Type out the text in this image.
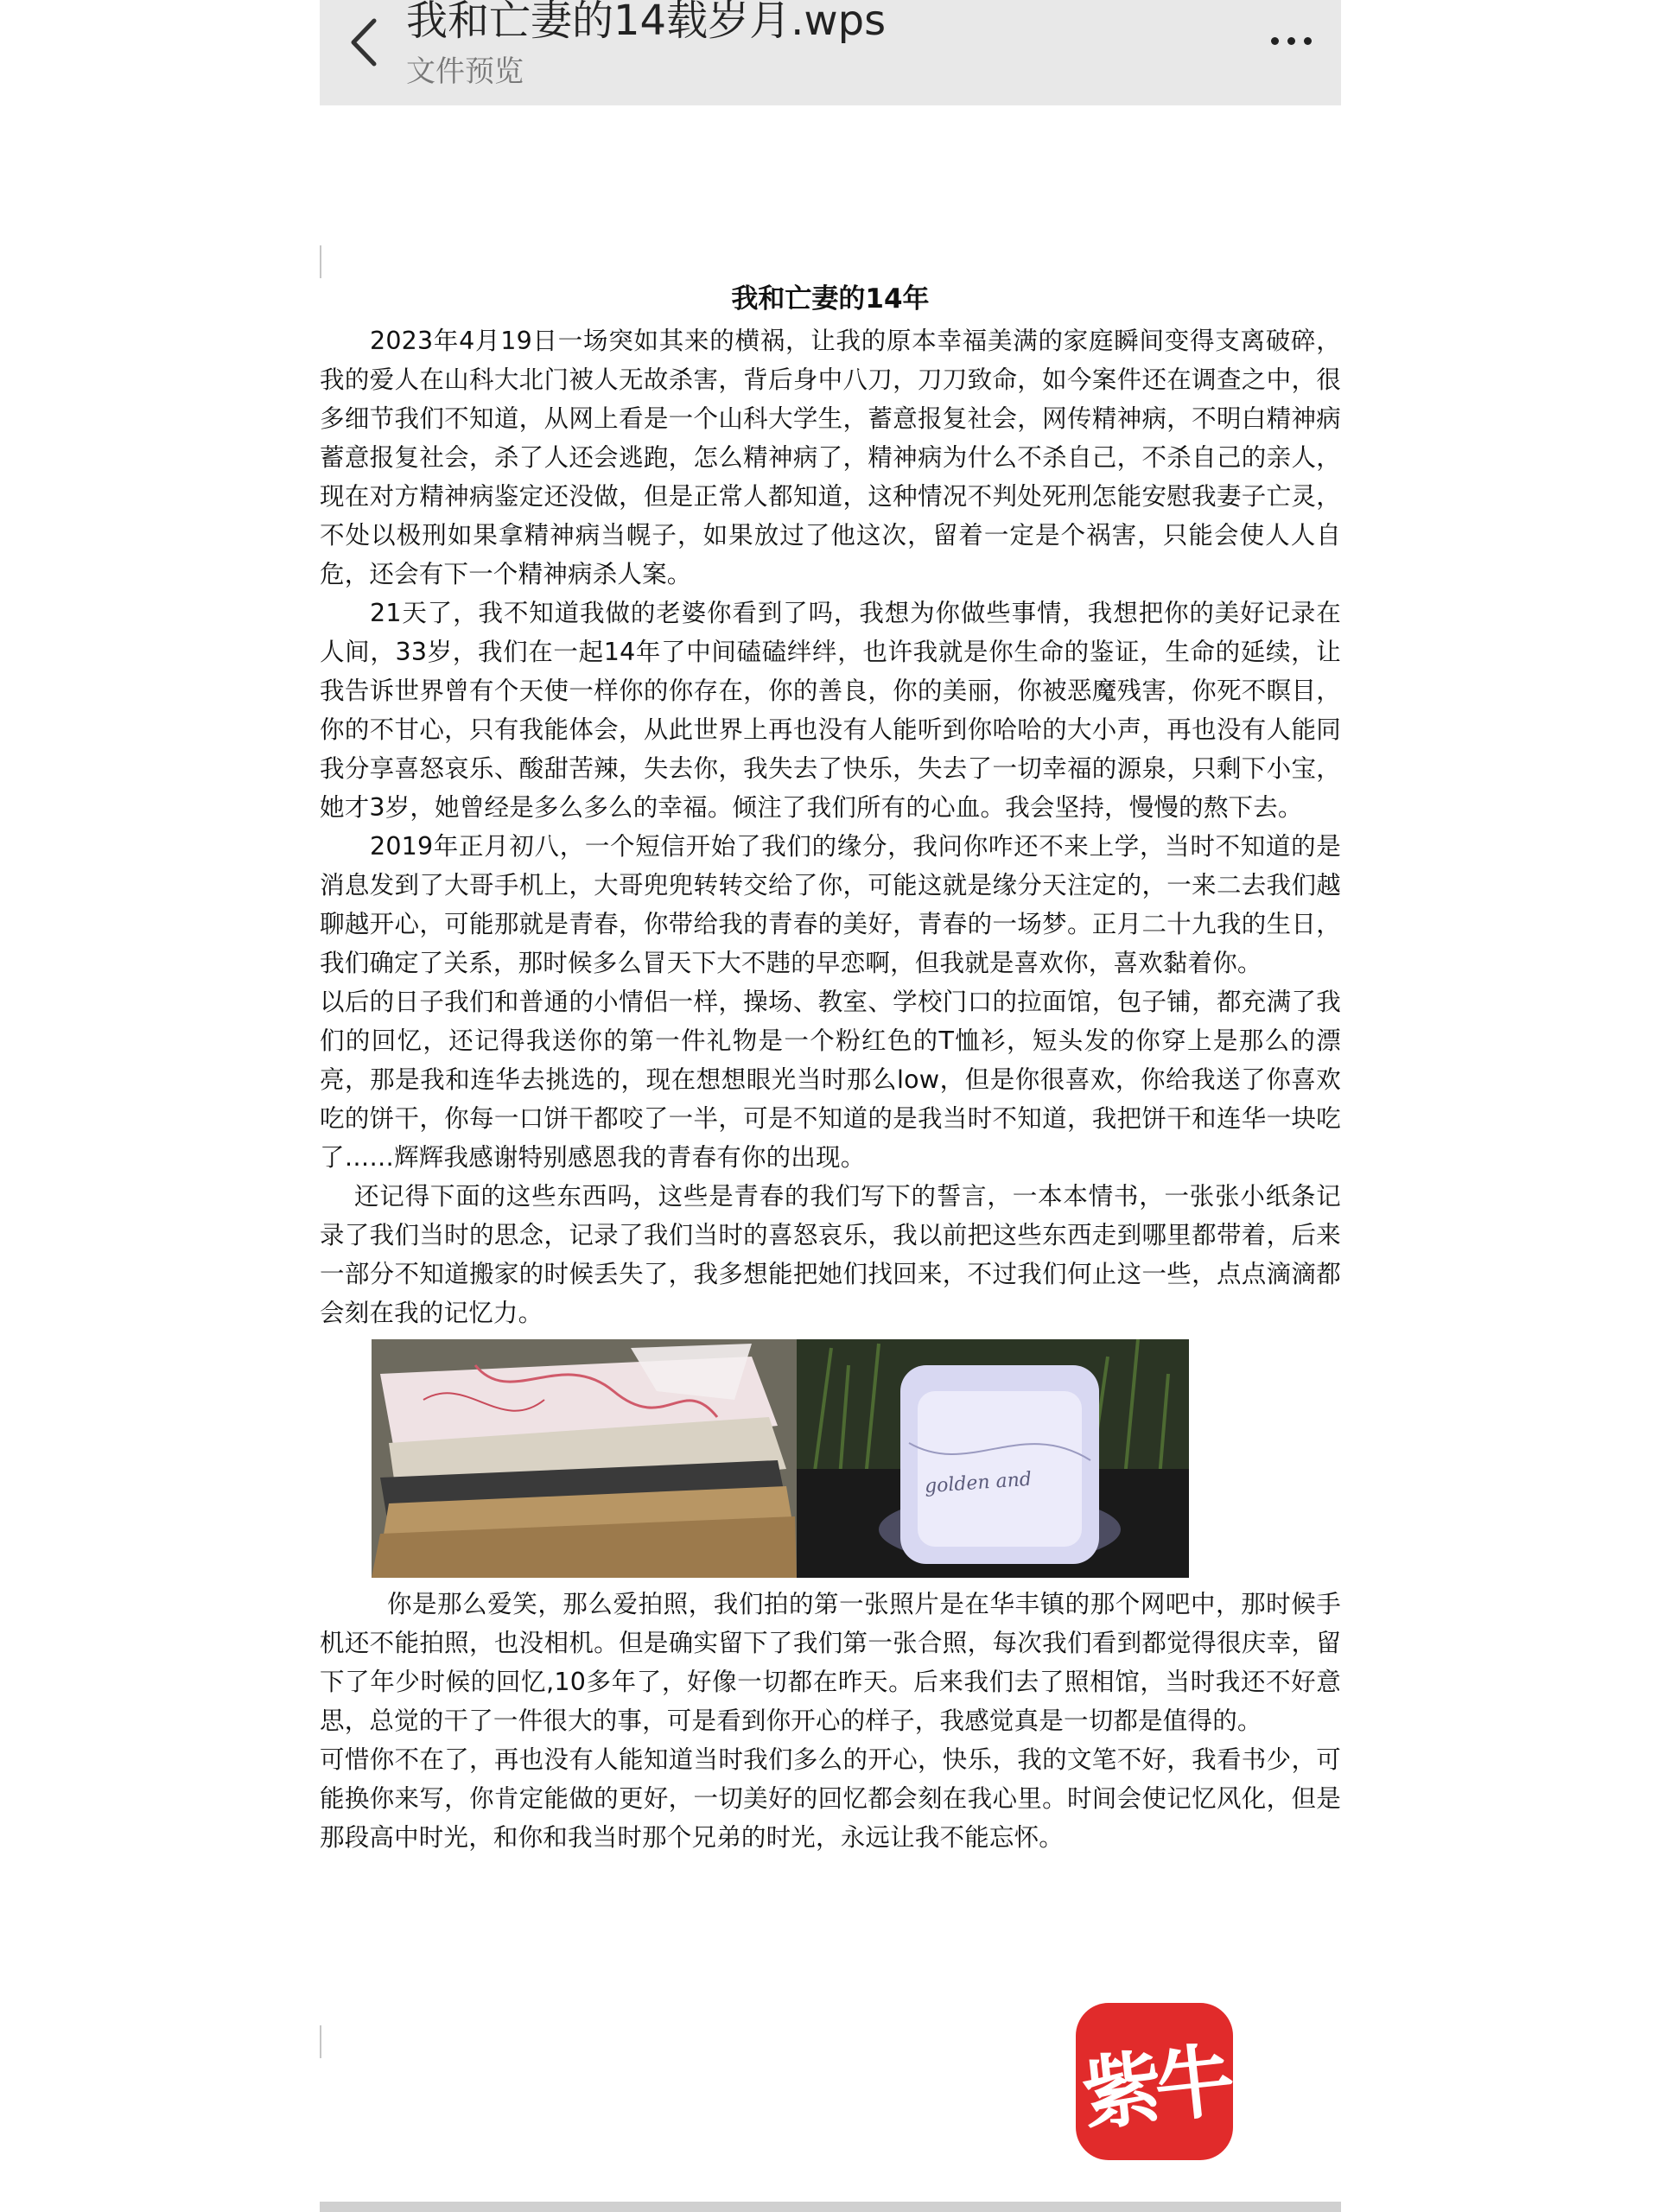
我和亡妻的14载岁月.wps
文件预览
我和亡妻的14年

2023年4月19日一场突如其来的横祸，让我的原本幸福美满的家庭瞬间变得支离破碎，我的爱人在山科大北门被人无故杀害，背后身中八刀，刀刀致命，如今案件还在调查之中，很多细节我们不知道，从网上看是一个山科大学生，蓄意报复社会，网传精神病，不明白精神病蓄意报复社会，杀了人还会逃跑，怎么精神病了，精神病为什么不杀自己，不杀自己的亲人，现在对方精神病鉴定还没做，但是正常人都知道，这种情况不判处死刑怎能安慰我妻子亡灵，不处以极刑如果拿精神病当幌子，如果放过了他这次，留着一定是个祸害，只能会使人人自危，还会有下一个精神病杀人案。

21天了，我不知道我做的老婆你看到了吗，我想为你做些事情，我想把你的美好记录在人间，33岁，我们在一起14年了中间磕磕绊绊，也许我就是你生命的鉴证，生命的延续，让我告诉世界曾有个天使一样你的你存在，你的善良，你的美丽，你被恶魔残害，你死不瞑目，你的不甘心，只有我能体会，从此世界上再也没有人能听到你哈哈的大小声，再也没有人能同我分享喜怒哀乐、酸甜苦辣，失去你，我失去了快乐，失去了一切幸福的源泉，只剩下小宝，她才3岁，她曾经是多么多么的幸福。倾注了我们所有的心血。我会坚持，慢慢的熬下去。

2019年正月初八，一个短信开始了我们的缘分，我问你咋还不来上学，当时不知道的是消息发到了大哥手机上，大哥兜兜转转交给了你，可能这就是缘分天注定的，一来二去我们越聊越开心，可能那就是青春，你带给我的青春的美好，青春的一场梦。正月二十九我的生日，我们确定了关系，那时候多么冒天下大不韪的早恋啊，但我就是喜欢你，喜欢黏着你。

以后的日子我们和普通的小情侣一样，操场、教室、学校门口的拉面馆，包子铺，都充满了我们的回忆，还记得我送你的第一件礼物是一个粉红色的T恤衫，短头发的你穿上是那么的漂亮，那是我和连华去挑选的，现在想想眼光当时那么low，但是你很喜欢，你给我送了你喜欢吃的饼干，你每一口饼干都咬了一半，可是不知道的是我当时不知道，我把饼干和连华一块吃了……辉辉我感谢特别感恩我的青春有你的出现。

还记得下面的这些东西吗，这些是青春的我们写下的誓言，一本本情书，一张张小纸条记录了我们当时的思念，记录了我们当时的喜怒哀乐，我以前把这些东西走到哪里都带着，后来一部分不知道搬家的时候丢失了，我多想能把她们找回来，不过我们何止这一些，点点滴滴都会刻在我的记忆力。

golden and

你是那么爱笑，那么爱拍照，我们拍的第一张照片是在华丰镇的那个网吧中，那时候手机还不能拍照，也没相机。但是确实留下了我们第一张合照，每次我们看到都觉得很庆幸，留下了年少时候的回忆,10多年了，好像一切都在昨天。后来我们去了照相馆，当时我还不好意思，总觉的干了一件很大的事，可是看到你开心的样子，我感觉真是一切都是值得的。

可惜你不在了，再也没有人能知道当时我们多么的开心，快乐，我的文笔不好，我看书少，可能换你来写，你肯定能做的更好，一切美好的回忆都会刻在我心里。时间会使记忆风化，但是那段高中时光，和你和我当时那个兄弟的时光，永远让我不能忘怀。

紫牛
